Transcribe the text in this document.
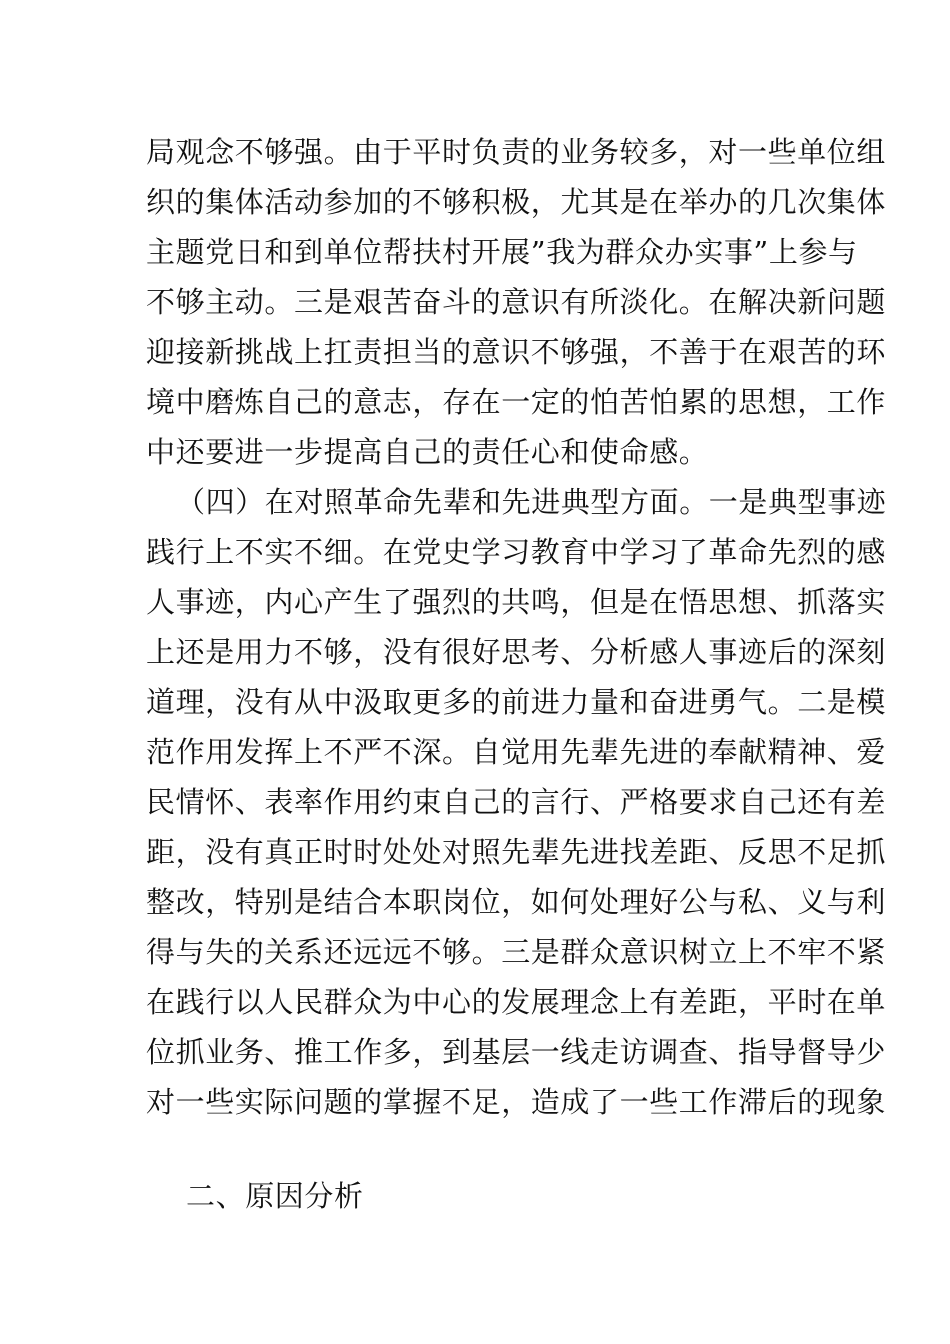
局观念不够强。由于平时负责的业务较多，对一些单位组
织的集体活动参加的不够积极，尤其是在举办的几次集体
主题党日和到单位帮扶村开展”我为群众办实事”上参与
不够主动。三是艰苦奋斗的意识有所淡化。在解决新问题
迎接新挑战上扛责担当的意识不够强，不善于在艰苦的环
境中磨炼自己的意志，存在一定的怕苦怕累的思想，工作
中还要进一步提高自己的责任心和使命感。
（四）在对照革命先辈和先进典型方面。一是典型事迹
践行上不实不细。在党史学习教育中学习了革命先烈的感
人事迹，内心产生了强烈的共鸣，但是在悟思想、抓落实
上还是用力不够，没有很好思考、分析感人事迹后的深刻
道理，没有从中汲取更多的前进力量和奋进勇气。二是模
范作用发挥上不严不深。自觉用先辈先进的奉献精神、爱
民情怀、表率作用约束自己的言行、严格要求自己还有差
距，没有真正时时处处对照先辈先进找差距、反思不足抓
整改，特别是结合本职岗位，如何处理好公与私、义与利
得与失的关系还远远不够。三是群众意识树立上不牢不紧
在践行以人民群众为中心的发展理念上有差距，平时在单
位抓业务、推工作多，到基层一线走访调查、指导督导少
对一些实际问题的掌握不足，造成了一些工作滞后的现象
二、原因分析
